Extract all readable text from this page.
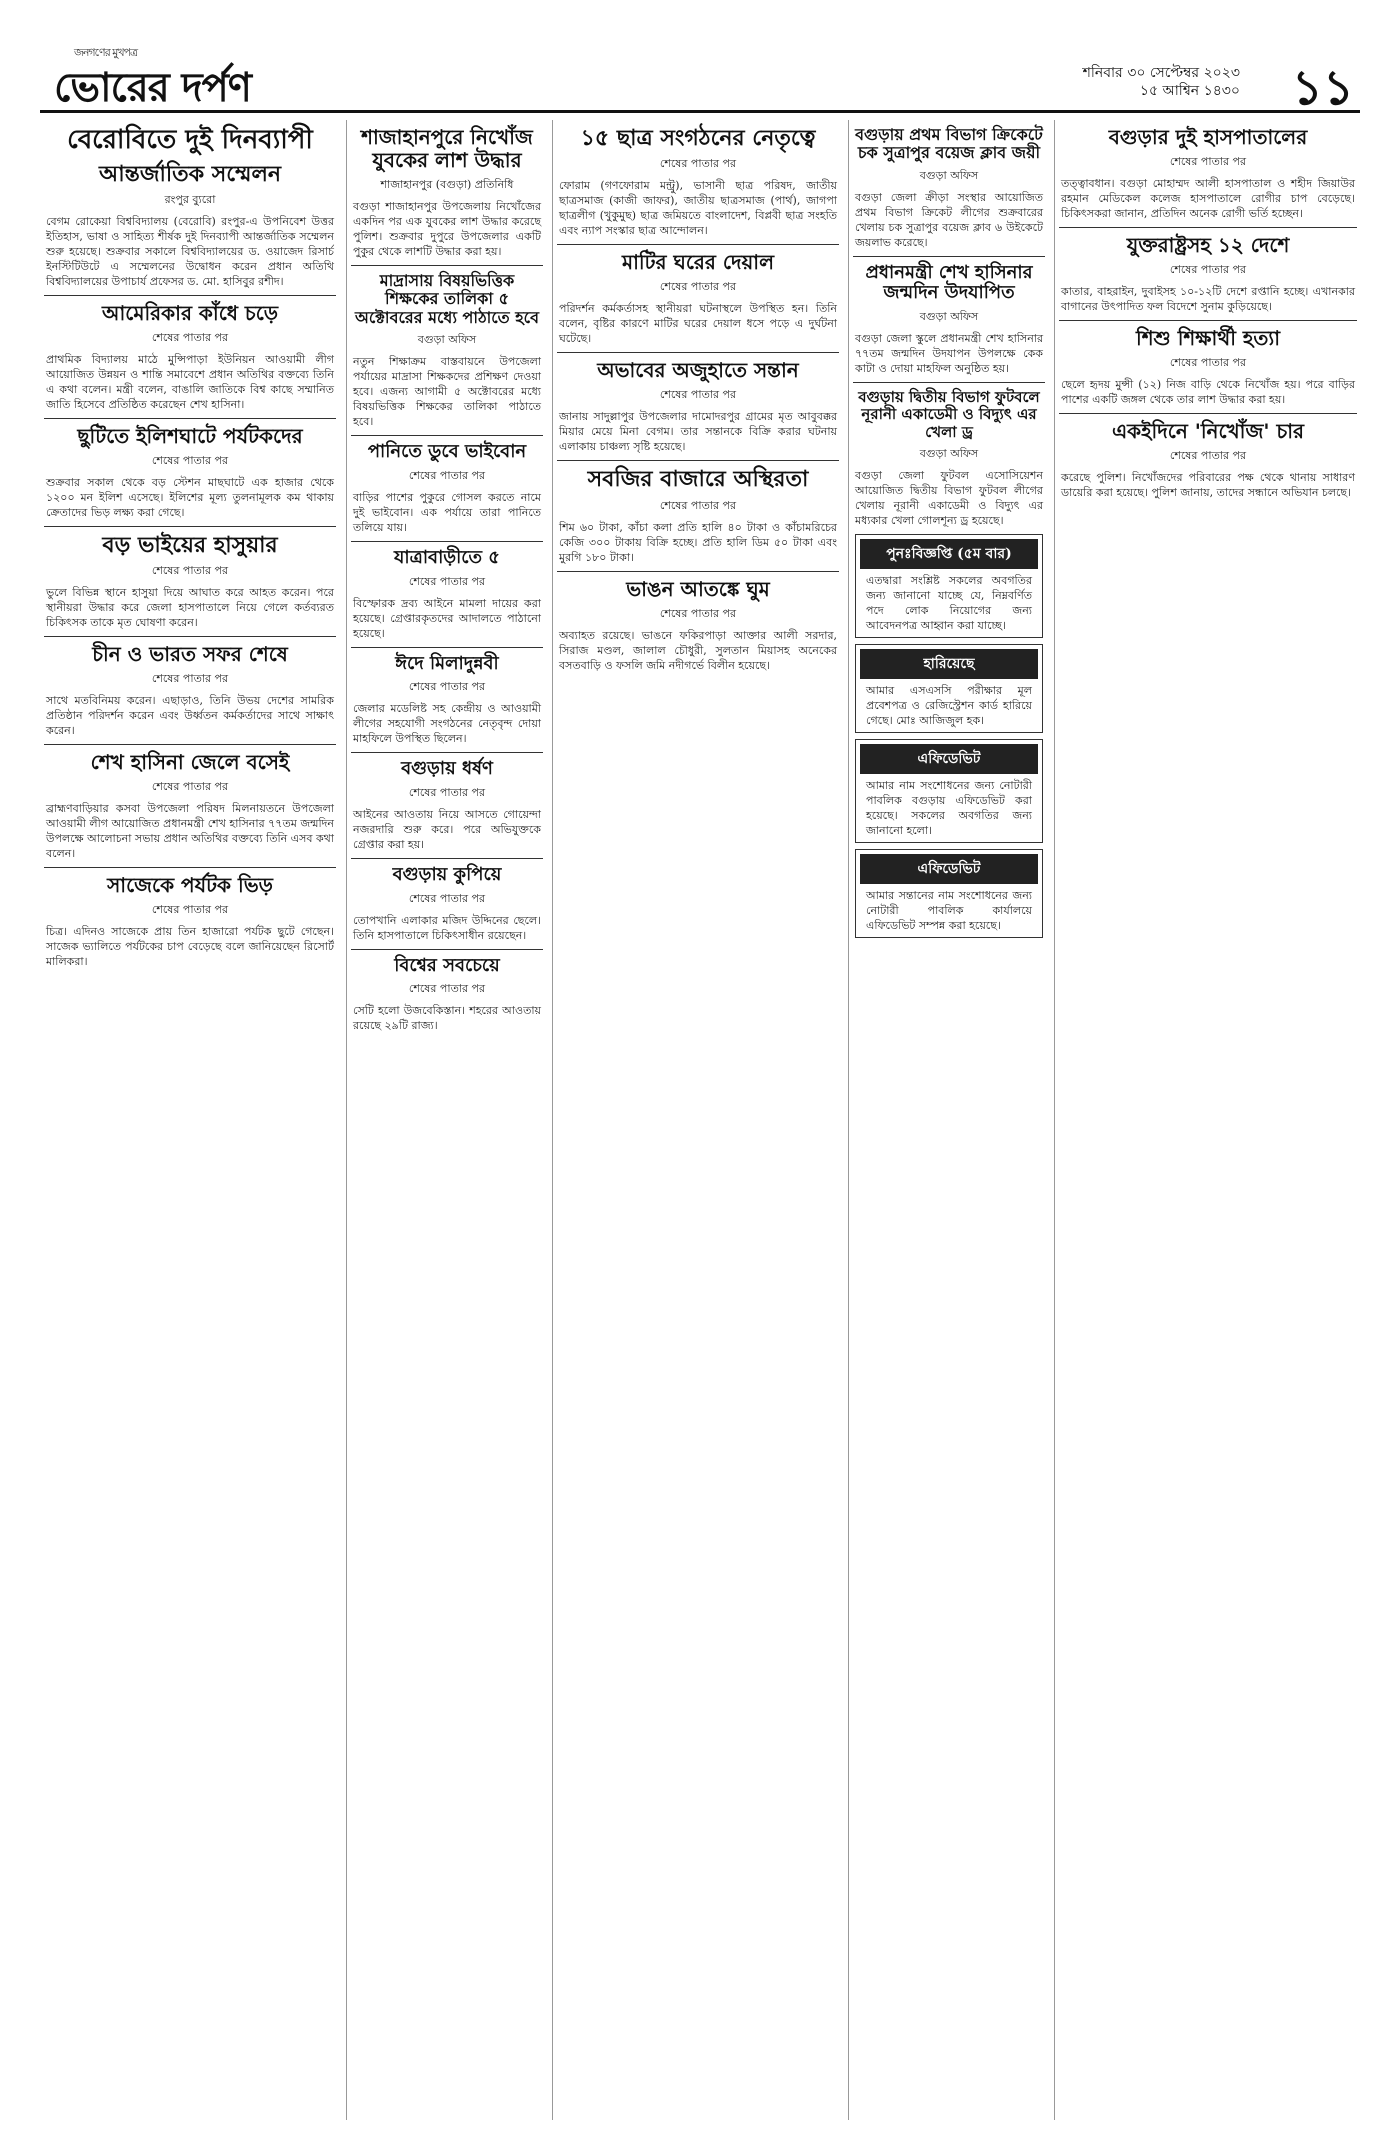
জনগণের মুখপত্র
ভোরের দর্পণ	শনিবার ৩০ সেপ্টেম্বর ২০২৩
১৫ আশ্বিন ১৪৩০ ১১
বেরোবিতে দুই দিনব্যাপী
আন্তর্জাতিক সম্মেলন
রংপুর ব্যুরো
বেগম রোকেয়া বিশ্ববিদ্যালয় (বেরোবি) রংপুর-এ উপনিবেশ উত্তর ইতিহাস, ভাষা ও সাহিত্য শীর্ষক দুই দিনব্যাপী আন্তর্জাতিক সম্মেলন শুরু হয়েছে। শুক্রবার সকালে বিশ্ববিদ্যালয়ের ড. ওয়াজেদ রিসার্চ ইনস্টিটিউটে এ সম্মেলনের উদ্বোধন করেন প্রধান অতিথি বিশ্ববিদ্যালয়ের উপাচার্য প্রফেসর ড. মো. হাসিবুর রশীদ।
আমেরিকার কাঁধে চড়ে
শেষের পাতার পর
প্রাথমিক বিদ্যালয় মাঠে মুন্সিপাড়া ইউনিয়ন আওয়ামী লীগ আয়োজিত উন্নয়ন ও শান্তি সমাবেশে প্রধান অতিথির বক্তব্যে তিনি এ কথা বলেন। মন্ত্রী বলেন, বাঙালি জাতিকে বিশ্ব কাছে সম্মানিত জাতি হিসেবে প্রতিষ্ঠিত করেছেন শেখ হাসিনা।
ছুটিতে ইলিশঘাটে পর্যটকদের
শেষের পাতার পর
শুক্রবার সকাল থেকে বড় স্টেশন মাছঘাটে এক হাজার থেকে ১২০০ মন ইলিশ এসেছে। ইলিশের মূল্য তুলনামূলক কম থাকায় ক্রেতাদের ভিড় লক্ষ্য করা গেছে।
বড় ভাইয়ের হাসুয়ার
শেষের পাতার পর
ভুলে বিভিন্ন স্থানে হাসুয়া দিয়ে আঘাত করে আহত করেন। পরে স্থানীয়রা উদ্ধার করে জেলা হাসপাতালে নিয়ে গেলে কর্তব্যরত চিকিৎসক তাকে মৃত ঘোষণা করেন।
চীন ও ভারত সফর শেষে
শেষের পাতার পর
সাথে মতবিনিময় করেন। এছাড়াও, তিনি উভয় দেশের সামরিক প্রতিষ্ঠান পরিদর্শন করেন এবং উর্ধ্বতন কর্মকর্তাদের সাথে সাক্ষাৎ করেন।
শেখ হাসিনা জেলে বসেই
শেষের পাতার পর
ব্রাহ্মণবাড়িয়ার কসবা উপজেলা পরিষদ মিলনায়তনে উপজেলা আওয়ামী লীগ আয়োজিত প্রধানমন্ত্রী শেখ হাসিনার ৭৭তম জন্মদিন উপলক্ষে আলোচনা সভায় প্রধান অতিথির বক্তব্যে তিনি এসব কথা বলেন।
সাজেকে পর্যটক ভিড়
শেষের পাতার পর
চিত্র। এদিনও সাজেকে প্রায় তিন হাজারো পর্যটক ছুটে গেছেন। সাজেক ভ্যালিতে পর্যটকের চাপ বেড়েছে বলে জানিয়েছেন রিসোর্ট মালিকরা।
শাজাহানপুরে নিখোঁজ যুবকের লাশ উদ্ধার
শাজাহানপুর (বগুড়া) প্রতিনিধি
বগুড়া শাজাহানপুর উপজেলায় নিখোঁজের একদিন পর এক যুবকের লাশ উদ্ধার করেছে পুলিশ। শুক্রবার দুপুরে উপজেলার একটি পুকুর থেকে লাশটি উদ্ধার করা হয়।
মাদ্রাসায় বিষয়ভিত্তিক শিক্ষকের তালিকা ৫ অক্টোবরের মধ্যে পাঠাতে হবে
বগুড়া অফিস
নতুন শিক্ষাক্রম বাস্তবায়নে উপজেলা পর্যায়ের মাদ্রাসা শিক্ষকদের প্রশিক্ষণ দেওয়া হবে। এজন্য আগামী ৫ অক্টোবরের মধ্যে বিষয়ভিত্তিক শিক্ষকের তালিকা পাঠাতে হবে।
পানিতে ডুবে ভাইবোন
শেষের পাতার পর
বাড়ির পাশের পুকুরে গোসল করতে নামে দুই ভাইবোন। এক পর্যায়ে তারা পানিতে তলিয়ে যায়।
যাত্রাবাড়ীতে ৫
শেষের পাতার পর
বিস্ফোরক দ্রব্য আইনে মামলা দায়ের করা হয়েছে। গ্রেপ্তারকৃতদের আদালতে পাঠানো হয়েছে।
ঈদে মিলাদুন্নবী
শেষের পাতার পর
জেলার মডেলিষ্ট সহ কেন্দ্রীয় ও আওয়ামী লীগের সহযোগী সংগঠনের নেতৃবৃন্দ দোয়া মাহফিলে উপস্থিত ছিলেন।
বগুড়ায় ধর্ষণ
শেষের পাতার পর
আইনের আওতায় নিয়ে আসতে গোয়েন্দা নজরদারি শুরু করে। পরে অভিযুক্তকে গ্রেপ্তার করা হয়।
বগুড়ায় কুপিয়ে
শেষের পাতার পর
তোপখানি এলাকার মজিদ উদ্দিনের ছেলে। তিনি হাসপাতালে চিকিৎসাধীন রয়েছেন।
বিশ্বের সবচেয়ে
শেষের পাতার পর
সেটি হলো উজবেকিস্তান। শহরের আওতায় রয়েছে ২৯টি রাজ্য।
১৫ ছাত্র সংগঠনের নেতৃত্বে
শেষের পাতার পর
ফোরাম (গণফোরাম মন্ট্রু), ভাসানী ছাত্র পরিষদ, জাতীয় ছাত্রসমাজ (কাজী জাফর), জাতীয় ছাত্রসমাজ (পার্থ), জাগপা ছাত্রলীগ (খুকুমুছ) ছাত্র জমিয়তে বাংলাদেশ, বিপ্লবী ছাত্র সংহতি এবং ন্যাপ সংস্কার ছাত্র আন্দোলন।
মাটির ঘরের দেয়াল
শেষের পাতার পর
পরিদর্শন কর্মকর্তাসহ স্থানীয়রা ঘটনাস্থলে উপস্থিত হন। তিনি বলেন, বৃষ্টির কারণে মাটির ঘরের দেয়াল ধসে পড়ে এ দুর্ঘটনা ঘটেছে।
অভাবের অজুহাতে সন্তান
শেষের পাতার পর
জানায় সাদুল্লাপুর উপজেলার দামোদরপুর গ্রামের মৃত আবুবক্কর মিয়ার মেয়ে মিনা বেগম। তার সন্তানকে বিক্রি করার ঘটনায় এলাকায় চাঞ্চল্য সৃষ্টি হয়েছে।
সবজির বাজারে অস্থিরতা
শেষের পাতার পর
শিম ৬০ টাকা, কাঁচা কলা প্রতি হালি ৪০ টাকা ও কাঁচামরিচের কেজি ৩০০ টাকায় বিক্রি হচ্ছে। প্রতি হালি ডিম ৫০ টাকা এবং মুরগি ১৮০ টাকা।
ভাঙন আতঙ্কে ঘুম
শেষের পাতার পর
অব্যাহত রয়েছে। ভাঙনে ফকিরপাড়া আক্তার আলী সরদার, সিরাজ মণ্ডল, জালাল চৌধুরী, সুলতান মিয়াসহ অনেকের বসতবাড়ি ও ফসলি জমি নদীগর্ভে বিলীন হয়েছে।
বগুড়ায় প্রথম বিভাগ ক্রিকেটে চক সুত্রাপুর বয়েজ ক্লাব জয়ী
বগুড়া অফিস
বগুড়া জেলা ক্রীড়া সংস্থার আয়োজিত প্রথম বিভাগ ক্রিকেট লীগের শুক্রবারের খেলায় চক সুত্রাপুর বয়েজ ক্লাব ৬ উইকেটে জয়লাভ করেছে।
প্রধানমন্ত্রী শেখ হাসিনার জন্মদিন উদযাপিত
বগুড়া অফিস
বগুড়া জেলা স্কুলে প্রধানমন্ত্রী শেখ হাসিনার ৭৭তম জন্মদিন উদযাপন উপলক্ষে কেক কাটা ও দোয়া মাহফিল অনুষ্ঠিত হয়।
বগুড়ায় দ্বিতীয় বিভাগ ফুটবলে নূরানী একাডেমী ও বিদ্যুৎ এর খেলা ড্র
বগুড়া অফিস
বগুড়া জেলা ফুটবল এসোসিয়েশন আয়োজিত দ্বিতীয় বিভাগ ফুটবল লীগের খেলায় নূরানী একাডেমী ও বিদ্যুৎ এর মধ্যকার খেলা গোলশূন্য ড্র হয়েছে।
পুনঃবিজ্ঞপ্তি (৫ম বার)
এতদ্বারা সংশ্লিষ্ট সকলের অবগতির জন্য জানানো যাচ্ছে যে, নিম্নবর্ণিত পদে লোক নিয়োগের জন্য আবেদনপত্র আহ্বান করা যাচ্ছে।
হারিয়েছে
আমার এসএসসি পরীক্ষার মূল প্রবেশপত্র ও রেজিস্ট্রেশন কার্ড হারিয়ে গেছে। মোঃ আজিজুল হক।
এফিডেভিট
আমার নাম সংশোধনের জন্য নোটারী পাবলিক বগুড়ায় এফিডেভিট করা হয়েছে। সকলের অবগতির জন্য জানানো হলো।
এফিডেভিট
আমার সন্তানের নাম সংশোধনের জন্য নোটারী পাবলিক কার্যালয়ে এফিডেভিট সম্পন্ন করা হয়েছে।
বগুড়ার দুই হাসপাতালের
শেষের পাতার পর
তত্ত্বাবধান। বগুড়া মোহাম্মদ আলী হাসপাতাল ও শহীদ জিয়াউর রহমান মেডিকেল কলেজ হাসপাতালে রোগীর চাপ বেড়েছে। চিকিৎসকরা জানান, প্রতিদিন অনেক রোগী ভর্তি হচ্ছেন।
যুক্তরাষ্ট্রসহ ১২ দেশে
শেষের পাতার পর
কাতার, বাহরাইন, দুবাইসহ ১০-১২টি দেশে রপ্তানি হচ্ছে। এখানকার বাগানের উৎপাদিত ফল বিদেশে সুনাম কুড়িয়েছে।
শিশু শিক্ষার্থী হত্যা
শেষের পাতার পর
ছেলে হৃদয় মুন্সী (১২) নিজ বাড়ি থেকে নিখোঁজ হয়। পরে বাড়ির পাশের একটি জঙ্গল থেকে তার লাশ উদ্ধার করা হয়।
একইদিনে 'নিখোঁজ' চার
শেষের পাতার পর
করেছে পুলিশ। নিখোঁজদের পরিবারের পক্ষ থেকে থানায় সাধারণ ডায়েরি করা হয়েছে। পুলিশ জানায়, তাদের সন্ধানে অভিযান চলছে।
